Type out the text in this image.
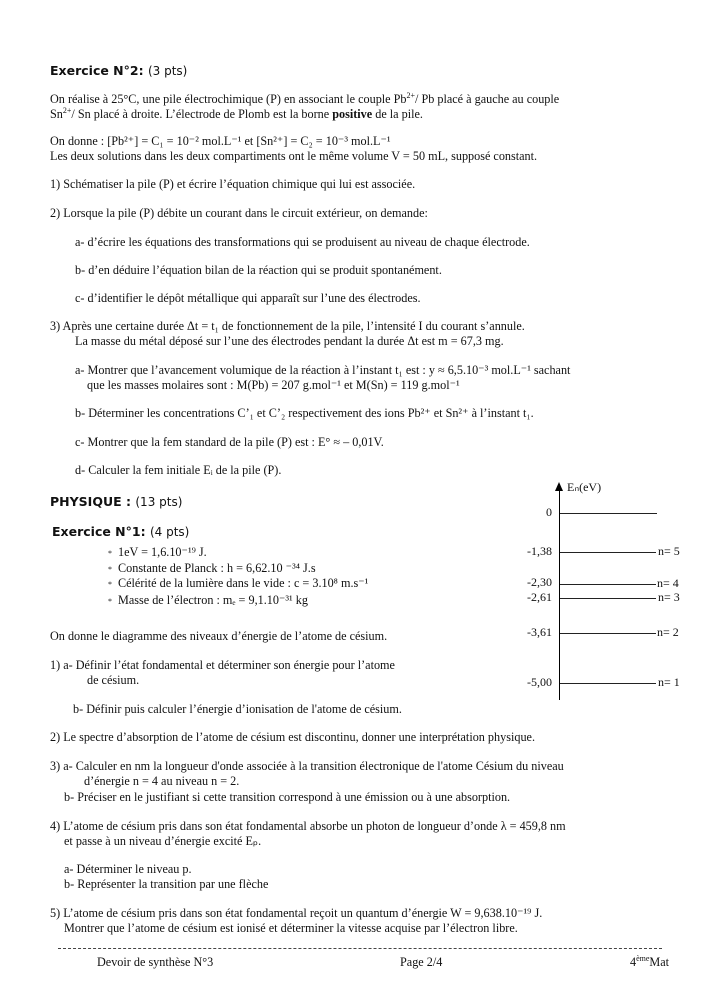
Exercice N°2: (3 pts)
On réalise à 25°C, une pile électrochimique (P) en associant le couple $Pb^{2+}/$ Pb placé à gauche au couple
$Sn^{2+}/$ Sn placé à droite. L’électrode de Plomb est la borne positive de la pile.
On donne : [Pb²⁺] = C₁ = 10⁻² mol.L⁻¹ et [Sn²⁺] = C₂ = 10⁻³ mol.L⁻¹
Les deux solutions dans les deux compartiments ont le même volume V = 50 mL, supposé constant.
1) Schématiser la pile (P) et écrire l’équation chimique qui lui est associée.
2) Lorsque la pile (P) débite un courant dans le circuit extérieur, on demande:
a- d’écrire les équations des transformations qui se produisent au niveau de chaque électrode.
b- d’en déduire l’équation bilan de la réaction qui se produit spontanément.
c- d’identifier le dépôt métallique qui apparaît sur l’une des électrodes.
3) Après une certaine durée Δt = t₁ de fonctionnement de la pile, l’intensité I du courant s’annule.
La masse du métal déposé sur l’une des électrodes pendant la durée Δt est m = 67,3 mg.
a- Montrer que l’avancement volumique de la réaction à l’instant t₁ est : y ≈ 6,5.10⁻³ mol.L⁻¹ sachant
que les masses molaires sont : M(Pb) = 207 g.mol⁻¹ et M(Sn) = 119 g.mol⁻¹
b- Déterminer les concentrations C’₁ et C’₂ respectivement des ions Pb²⁺ et Sn²⁺ à l’instant t₁.
c- Montrer que la fem standard de la pile (P) est : E° ≈ – 0,01V.
d- Calculer la fem initiale Eᵢ de la pile (P).
PHYSIQUE : (13 pts)
Exercice N°1: (4 pts)
* 1eV = 1,6.10⁻¹⁹ J.
* Constante de Planck : h = 6,62.10 ⁻³⁴ J.s
* Célérité de la lumière dans le vide : c = 3.10⁸ m.s⁻¹
* Masse de l’électron : mₑ = 9,1.10⁻³¹ kg
Eₙ(eV)
0
-1,38	n= 5
-2,30	n= 4
-2,61	n= 3
-3,61	n= 2
-5,00	n= 1
On donne le diagramme des niveaux d’énergie de l’atome de césium.
1) a- Définir l’état fondamental et déterminer son énergie pour l’atome
de césium.
b- Définir puis calculer l’énergie d’ionisation de l'atome de césium.
2) Le spectre d’absorption de l’atome de césium est discontinu, donner une interprétation physique.
3) a- Calculer en nm la longueur d'onde associée à la transition électronique de l'atome Césium du niveau
d’énergie n = 4 au niveau n = 2.
b- Préciser en le justifiant si cette transition correspond à une émission ou à une absorption.
4) L’atome de césium pris dans son état fondamental absorbe un photon de longueur d’onde λ = 459,8 nm
et passe à un niveau d’énergie excité Eₚ.
a- Déterminer le niveau p.
b- Représenter la transition par une flèche
5) L’atome de césium pris dans son état fondamental reçoit un quantum d’énergie W = 9,638.10⁻¹⁹ J.
Montrer que l’atome de césium est ionisé et déterminer la vitesse acquise par l’électron libre.
Devoir de synthèse N°3	Page 2/4	4èmeMat
